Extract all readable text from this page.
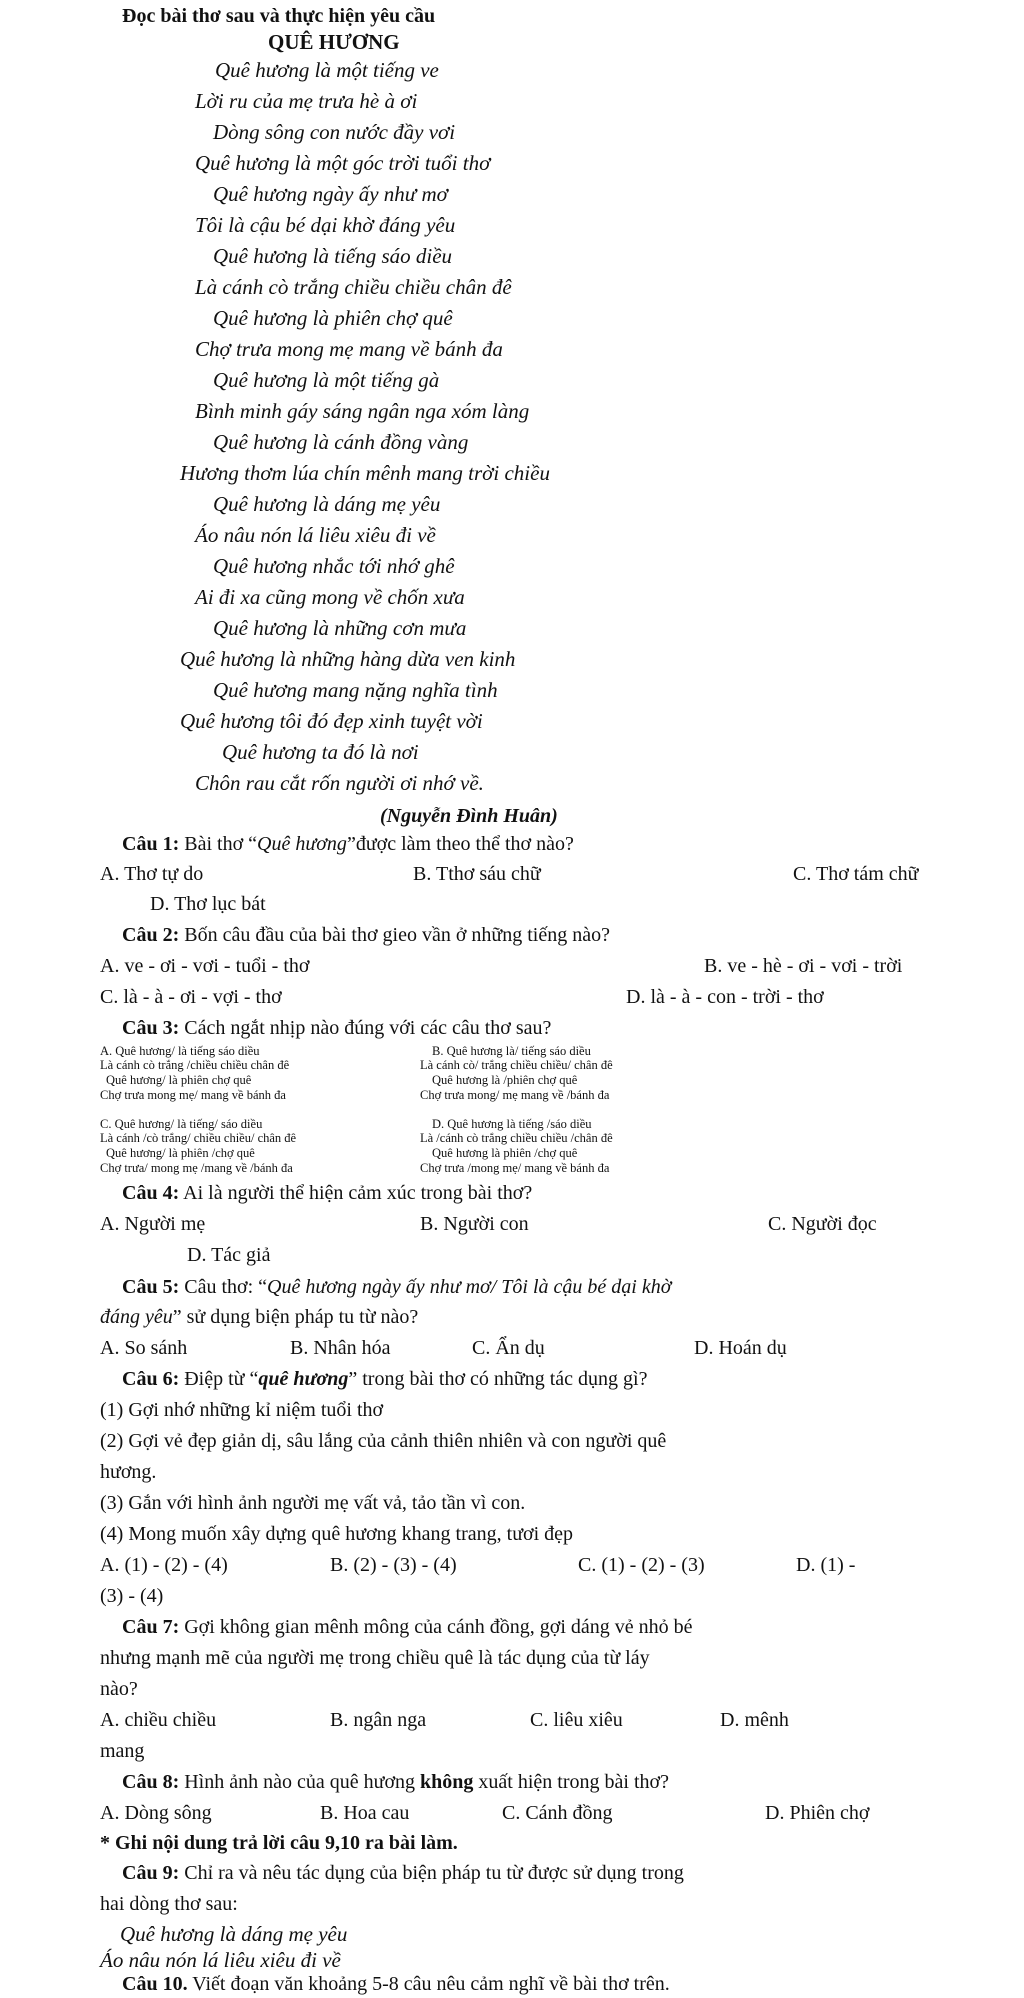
Đọc bài thơ sau và thực hiện yêu cầu
QUÊ HƯƠNG
Quê hương là một tiếng ve
Lời ru của mẹ trưa hè à ơi
Dòng sông con nước đầy vơi
Quê hương là một góc trời tuổi thơ
Quê hương ngày ấy như mơ
Tôi là cậu bé dại khờ đáng yêu
Quê hương là tiếng sáo diều
Là cánh cò trắng chiều chiều chân đê
Quê hương là phiên chợ quê
Chợ trưa mong mẹ mang về bánh đa
Quê hương là một tiếng gà
Bình minh gáy sáng ngân nga xóm làng
Quê hương là cánh đồng vàng
Hương thơm lúa chín mênh mang trời chiều
Quê hương là dáng mẹ yêu
Áo nâu nón lá liêu xiêu đi về
Quê hương nhắc tới nhớ ghê
Ai đi xa cũng mong về chốn xưa
Quê hương là những cơn mưa
Quê hương là những hàng dừa ven kinh
Quê hương mang nặng nghĩa tình
Quê hương tôi đó đẹp xinh tuyệt vời
Quê hương ta đó là nơi
Chôn rau cắt rốn người ơi nhớ về.
(Nguyễn Đình Huân)
Câu 1: Bài thơ “Quê hương”được làm theo thể thơ nào?
A. Thơ tự do	B. Tthơ sáu chữ	C. Thơ tám chữ
D. Thơ lục bát
Câu 2: Bốn câu đầu của bài thơ gieo vần ở những tiếng nào?
A. ve - ơi - vơi - tuổi - thơ	B. ve - hè - ơi - vơi - trời
C. là - à - ơi - vợi - thơ	D. là - à - con - trời - thơ
Câu 3: Cách ngắt nhịp nào đúng với các câu thơ sau?
A. Quê hương/ là tiếng sáo diều
Là cánh cò trắng /chiều chiều chân đê
Quê hương/ là phiên chợ quê
Chợ trưa mong mẹ/ mang về bánh đa
B. Quê hương là/ tiếng sáo diều
Là cánh cò/ trắng chiều chiều/ chân đê
Quê hương là /phiên chợ quê
Chợ trưa mong/ mẹ mang về /bánh đa
C. Quê hương/ là tiếng/ sáo diều
Là cánh /cò trắng/ chiều chiều/ chân đê
Quê hương/ là phiên /chợ quê
Chợ trưa/ mong mẹ /mang về /bánh đa
D. Quê hương là tiếng /sáo diều
Là /cánh cò trắng chiều chiều /chân đê
Quê hương là phiên /chợ quê
Chợ trưa /mong mẹ/ mang về bánh đa
Câu 4: Ai là người thể hiện cảm xúc trong bài thơ?
A. Người mẹ	B. Người con	C. Người đọc
D. Tác giả
Câu 5: Câu thơ: “Quê hương ngày ấy như mơ/ Tôi là cậu bé dại khờ
đáng yêu” sử dụng biện pháp tu từ nào?
A. So sánh	B. Nhân hóa	C. Ẩn dụ	D. Hoán dụ
Câu 6: Điệp từ “quê hương” trong bài thơ có những tác dụng gì?
(1) Gợi nhớ những kỉ niệm tuổi thơ
(2) Gợi vẻ đẹp giản dị, sâu lắng của cảnh thiên nhiên và con người quê
hương.
(3) Gắn với hình ảnh người mẹ vất vả, tảo tần vì con.
(4) Mong muốn xây dựng quê hương khang trang, tươi đẹp
A. (1) - (2) - (4)	B. (2) - (3) - (4)	C. (1) - (2) - (3)	D. (1) -
(3) - (4)
Câu 7: Gợi không gian mênh mông của cánh đồng, gợi dáng vẻ nhỏ bé
nhưng mạnh mẽ của người mẹ trong chiều quê là tác dụng của từ láy
nào?
A. chiều chiều	B. ngân nga	C. liêu xiêu	D. mênh
mang
Câu 8: Hình ảnh nào của quê hương không xuất hiện trong bài thơ?
A. Dòng sông	B. Hoa cau	C. Cánh đồng	D. Phiên chợ
* Ghi nội dung trả lời câu 9,10 ra bài làm.
Câu 9: Chỉ ra và nêu tác dụng của biện pháp tu từ được sử dụng trong
hai dòng thơ sau:
Quê hương là dáng mẹ yêu
Áo nâu nón lá liêu xiêu đi về
Câu 10. Viết đoạn văn khoảng 5-8 câu nêu cảm nghĩ về bài thơ trên.
